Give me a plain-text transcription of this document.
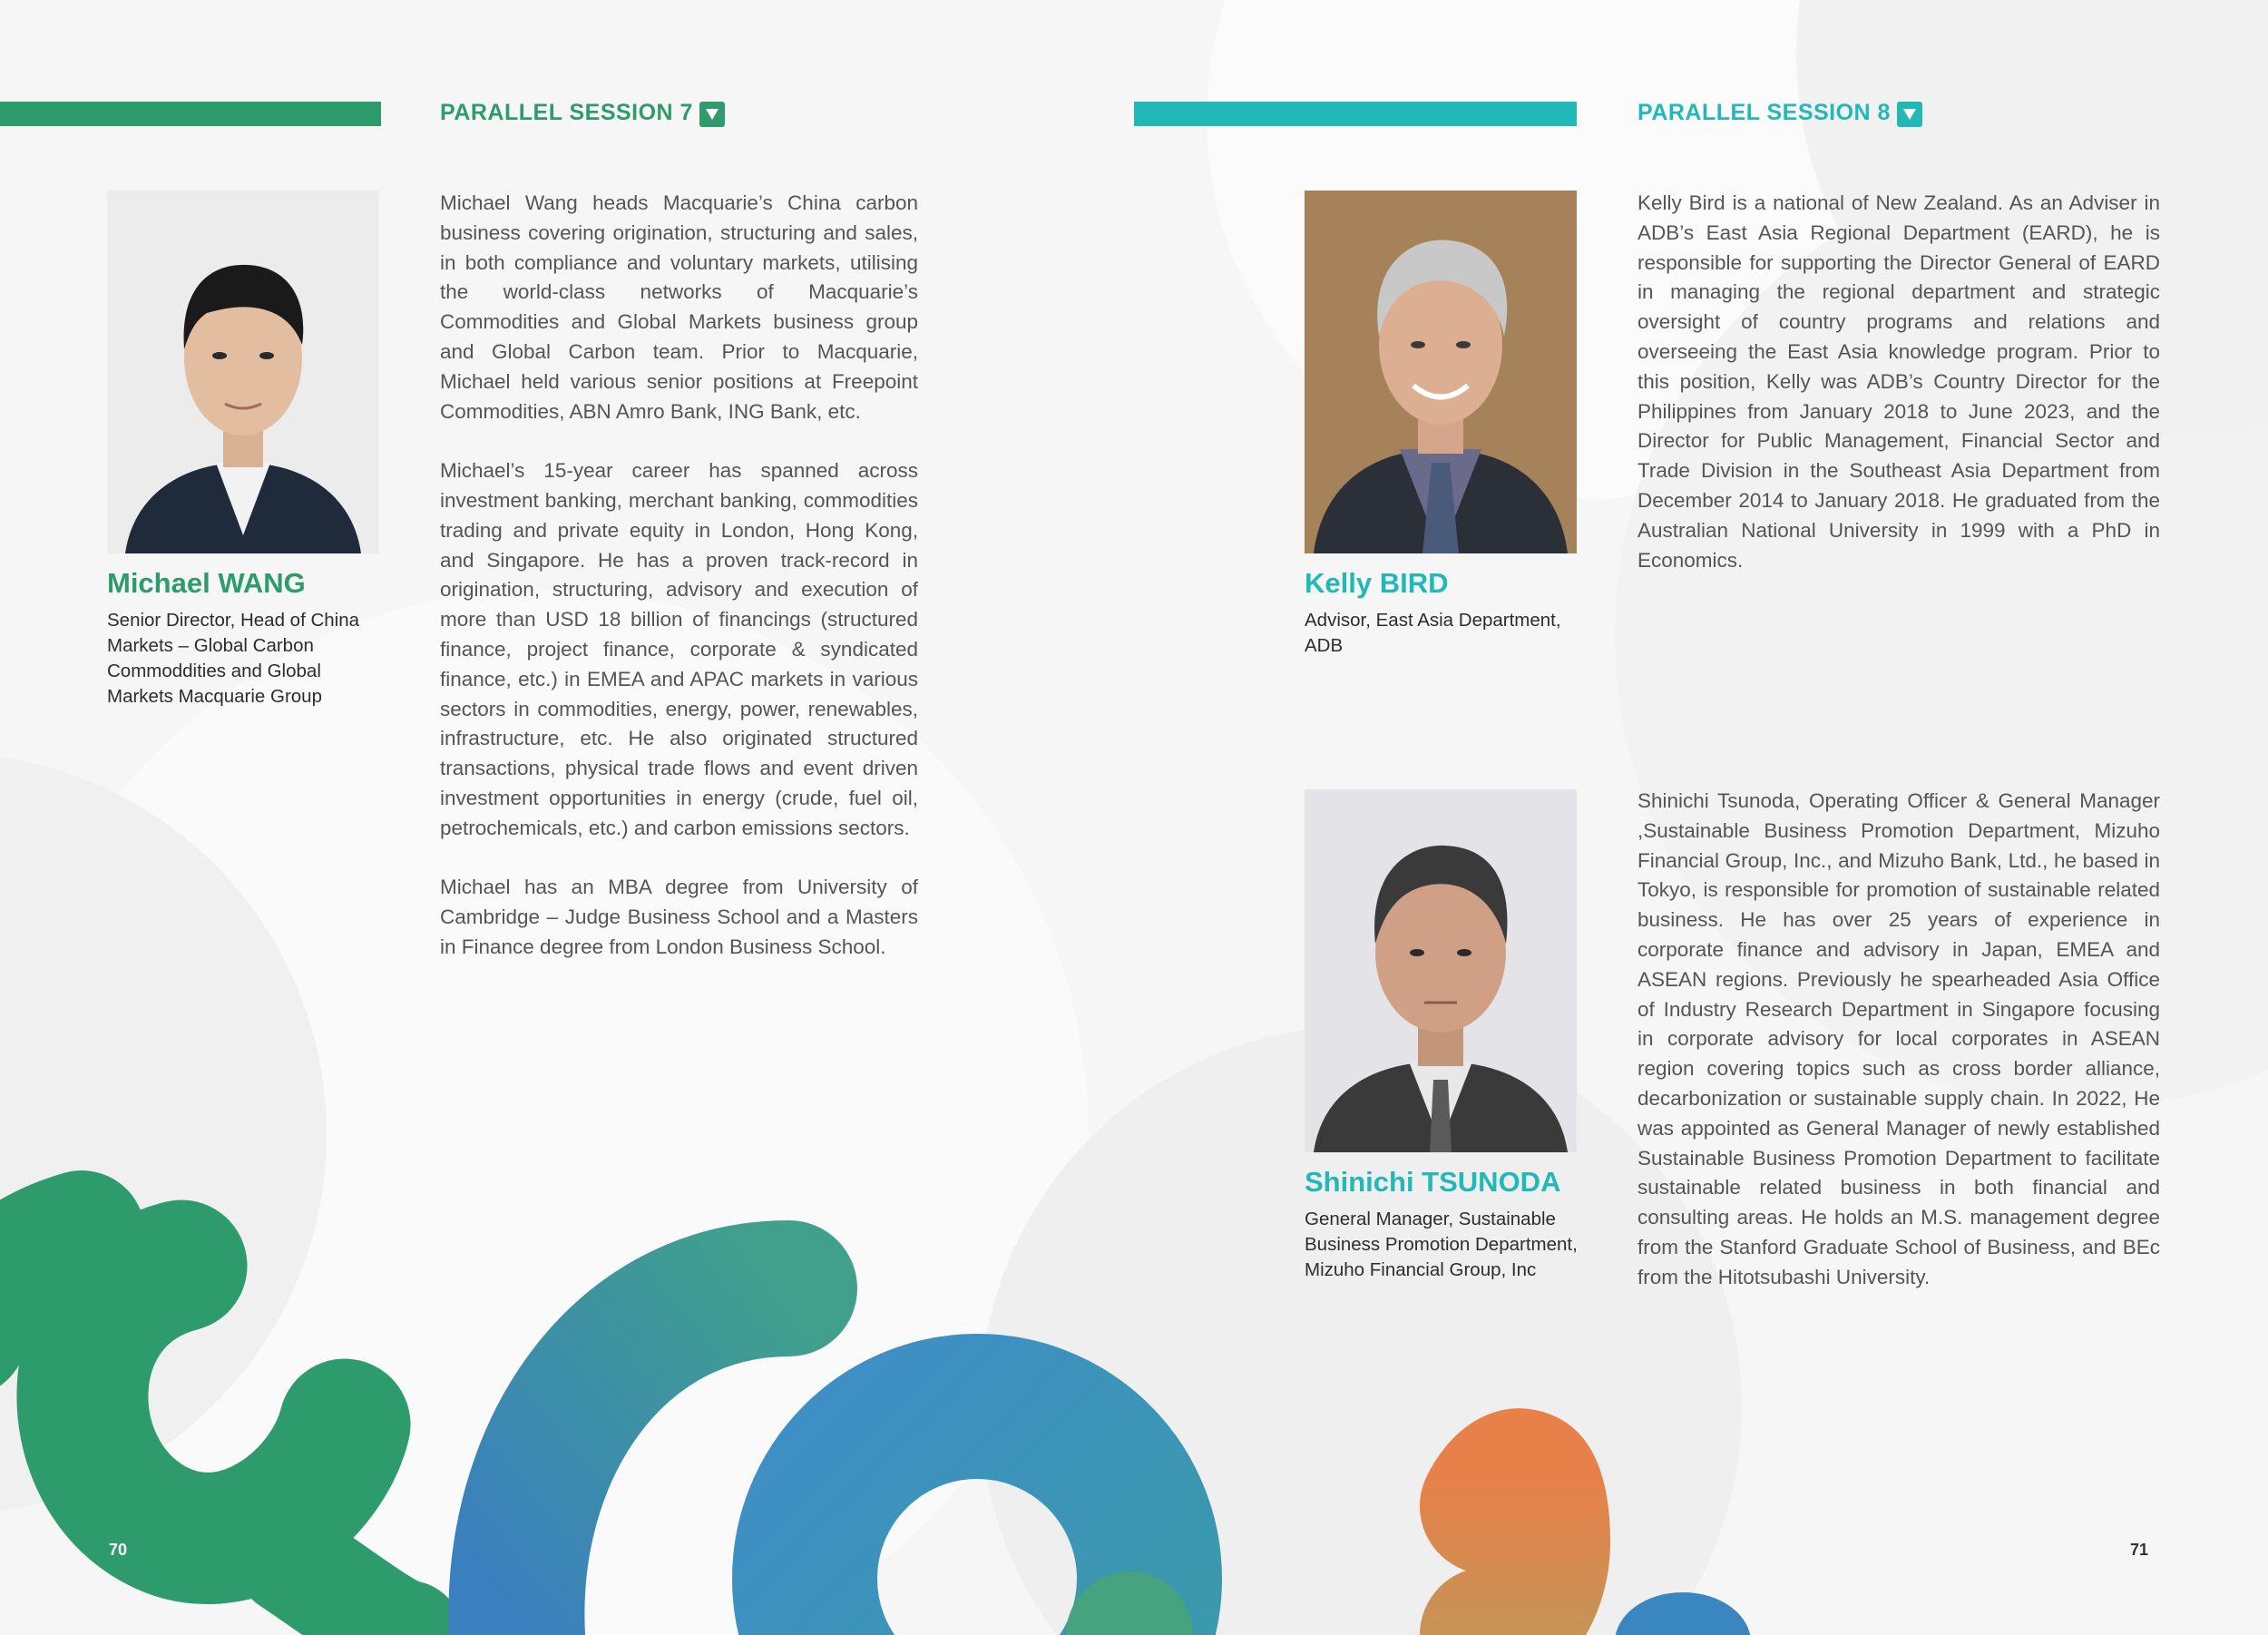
PARALLEL SESSION 7	PARALLEL SESSION 8
Michael WANG
Senior Director, Head of China
Markets – Global Carbon
Commoddities and Global
Markets Macquarie Group

Michael Wang heads Macquarie’s China carbon business covering origination, structuring and sales, in both compliance and voluntary markets, utilising the world-class networks of Macquarie’s Commodities and Global Markets business group and Global Carbon team. Prior to Macquarie, Michael held various senior positions at Freepoint Commodities, ABN Amro Bank, ING Bank, etc.

Michael’s 15-year career has spanned across investment banking, merchant banking, commodities trading and private equity in London, Hong Kong, and Singapore. He has a proven track-record in origination, structuring, advisory and execution of more than USD 18 billion of financings (structured finance, project finance, corporate & syndicated finance, etc.) in EMEA and APAC markets in various sectors in commodities, energy, power, renewables, infrastructure, etc. He also originated structured transactions, physical trade flows and event driven investment opportunities in energy (crude, fuel oil, petrochemicals, etc.) and carbon emissions sectors.

Michael has an MBA degree from University of Cambridge – Judge Business School and a Masters in Finance degree from London Business School.

Kelly BIRD
Advisor, East Asia Department,
ADB

Kelly Bird is a national of New Zealand. As an Adviser in ADB’s East Asia Regional Department (EARD), he is responsible for supporting the Director General of EARD in managing the regional department and strategic oversight of country programs and relations and overseeing the East Asia knowledge program. Prior to this position, Kelly was ADB’s Country Director for the Philippines from January 2018 to June 2023, and the Director for Public Management, Financial Sector and Trade Division in the Southeast Asia Department from December 2014 to January 2018. He graduated from the Australian National University in 1999 with a PhD in Economics.

Shinichi TSUNODA
General Manager, Sustainable
Business Promotion Department,
Mizuho Financial Group, Inc

Shinichi Tsunoda, Operating Officer & General Manager ,Sustainable Business Promotion Department, Mizuho Financial Group, Inc., and Mizuho Bank, Ltd., he based in Tokyo, is responsible for promotion of sustainable related business. He has over 25 years of experience in corporate finance and advisory in Japan, EMEA and ASEAN regions. Previously he spearheaded Asia Office of Industry Research Department in Singapore focusing in corporate advisory for local corporates in ASEAN region covering topics such as cross border alliance, decarbonization or sustainable supply chain. In 2022, He was appointed as General Manager of newly established Sustainable Business Promotion Department to facilitate sustainable related business in both financial and consulting areas. He holds an M.S. management degree from the Stanford Graduate School of Business, and BEc from the Hitotsubashi University.

70	71
